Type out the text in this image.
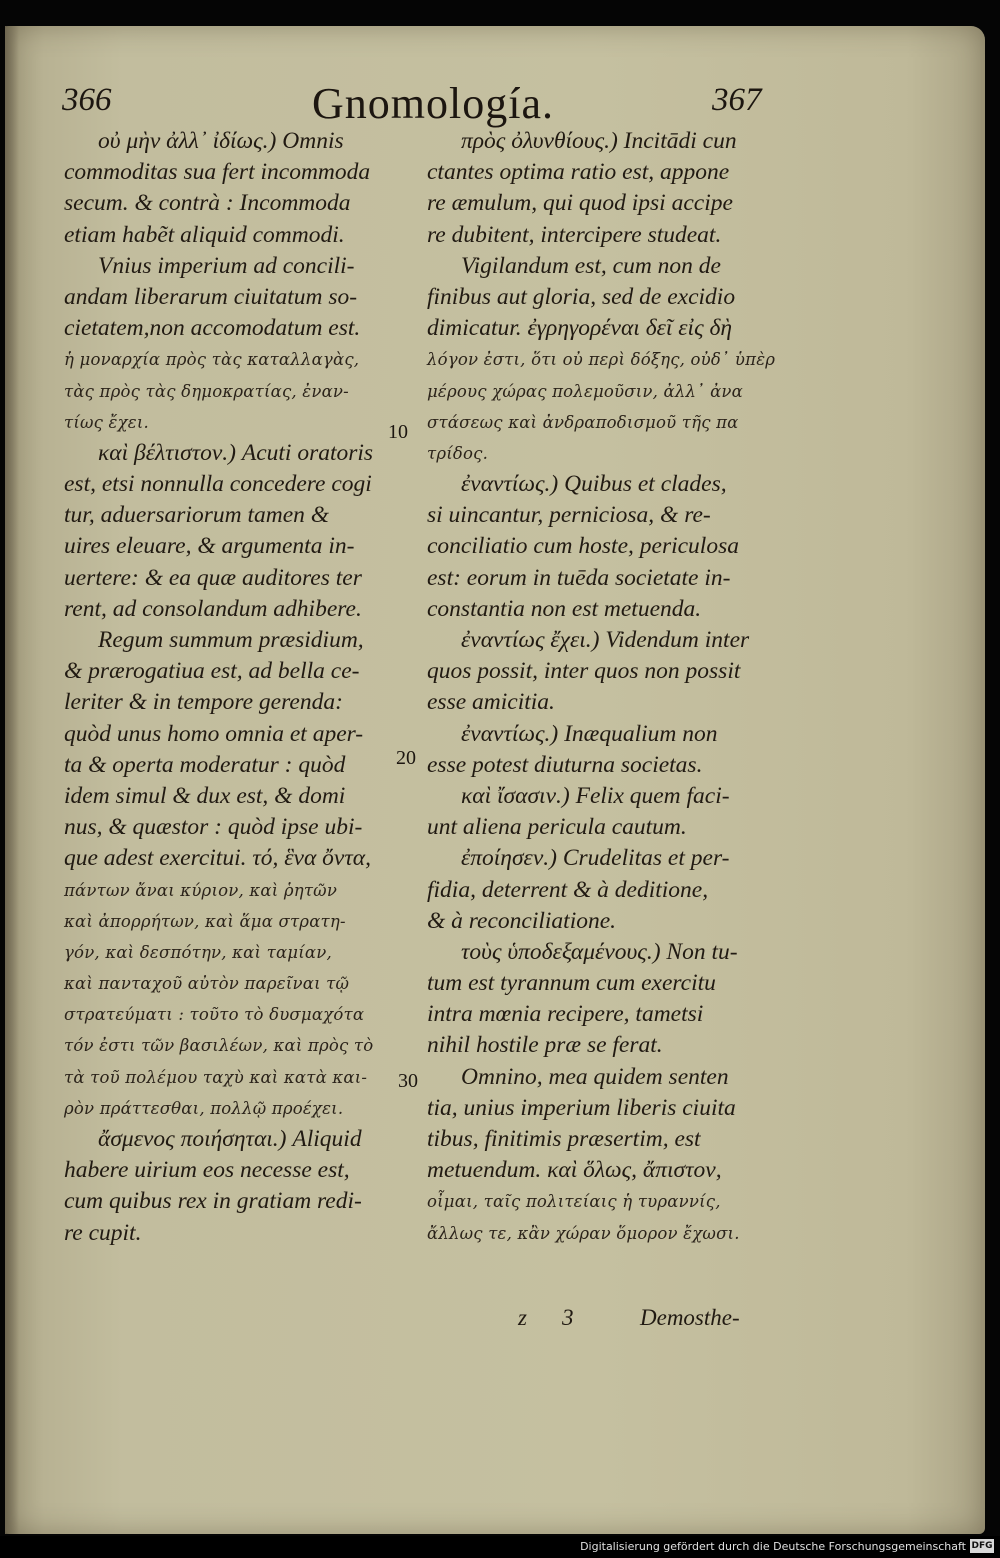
366	Gnomología.	367
οὐ μὴν ἀλλ᾽ ἰδίως.) Omnis
commoditas sua fert incommoda
secum. & contrà : Incommoda
etiam habẽt aliquid commodi.
Vnius imperium ad concili-
andam liberarum ciuitatum so-
cietatem,non accomodatum est.
ἡ μοναρχία πρὸς τὰς καταλλαγὰς,
τὰς πρὸς τὰς δημοκρατίας, ἐναν-
τίως ἔχει.
καὶ βέλτιστον.) Acuti oratoris
est, etsi nonnulla concedere cogi
tur, aduersariorum tamen &
uires eleuare, & argumenta in-
uertere: & ea quæ auditores ter
rent, ad consolandum adhibere.
Regum summum præsidium,
& prærogatiua est, ad bella ce-
leriter & in tempore gerenda:
quòd unus homo omnia et aper-
ta & operta moderatur : quòd
idem simul & dux est, & domi
nus, & quæstor : quòd ipse ubi-
que adest exercitui. τό, ἓνα ὄντα,
πάντων ἄναι κύριον, καὶ ῥητῶν
καὶ ἀπορρήτων, καὶ ἅμα στρατη-
γόν, καὶ δεσπότην, καὶ ταμίαν,
καὶ πανταχοῦ αὐτὸν παρεῖναι τῷ
στρατεύματι : τοῦτο τὸ δυσμαχότα
τόν ἐστι τῶν βασιλέων, καὶ πρὸς τὸ
τὰ τοῦ πολέμου ταχὺ καὶ κατὰ και-
ρὸν πράττεσθαι, πολλῷ προέχει.
ἄσμενος ποιήσηται.) Aliquid
habere uirium eos necesse est,
cum quibus rex in gratiam redi-
re cupit.
πρὸς ὀλυνθίους.) Incitādi cun
ctantes optima ratio est, appone
re æmulum, qui quod ipsi accipe
re dubitent, intercipere studeat.
Vigilandum est, cum non de
finibus aut gloria, sed de excidio
dimicatur. ἐγρηγορέναι δεῖ εἰς δὴ
λόγον ἐστι, ὅτι οὐ περὶ δόξης, οὐδ᾽ ὑπὲρ
μέρους χώρας πολεμοῦσιν, ἀλλ᾽ ἀνα
στάσεως καὶ ἀνδραποδισμοῦ τῆς πα
τρίδος.
ἐναντίως.) Quibus et clades,
si uincantur, perniciosa, & re-
conciliatio cum hoste, periculosa
est: eorum in tuēda societate in-
constantia non est metuenda.
ἐναντίως ἔχει.) Videndum inter
quos possit, inter quos non possit
esse amicitia.
ἐναντίως.) Inæqualium non
esse potest diuturna societas.
καὶ ἴσασιν.) Felix quem faci-
unt aliena pericula cautum.
ἐποίησεν.) Crudelitas et per-
fidia, deterrent & à deditione,
& à reconciliatione.
τοὺς ὑποδεξαμένους.) Non tu-
tum est tyrannum cum exercitu
intra mœnia recipere, tametsi
nihil hostile præ se ferat.
Omnino, mea quidem senten
tia, unius imperium liberis ciuita
tibus, finitimis præsertim, est
metuendum. καὶ ὅλως, ἄπιστον,
οἶμαι, ταῖς πολιτείαις ἡ τυραννίς,
ἄλλως τε, κἂν χώραν ὅμορον ἔχωσι.
10
20
30
z 3	Demosthe-
Digitalisierung gefördert durch die Deutsche Forschungsgemeinschaft DFG
